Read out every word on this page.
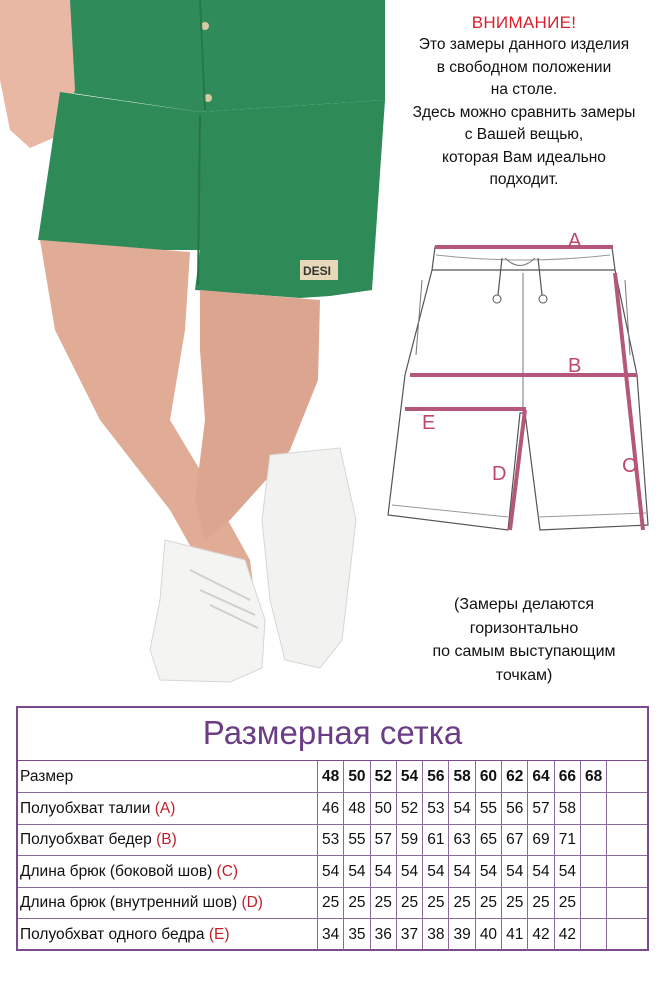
DESI
ВНИМАНИЕ!
Это замеры данного изделия
в свободном положении
на столе.
Здесь можно сравнить замеры
с Вашей вещью,
которая Вам идеально
подходит.
A
B
C
D
E
(Замеры делаются
горизонтально
по самым выступающим
точкам)
Размерная сетка
Размер	48 50 52 54 56 58 60 62 64 66 68
Полуобхват талии (A)	46 48 50 52 53 54 55 56 57 58
Полуобхват бедер (B)	53 55 57 59 61 63 65 67 69 71
Длина брюк (боковой шов) (C)	54 54 54 54 54 54 54 54 54 54
Длина брюк (внутренний шов) (D)	25 25 25 25 25 25 25 25 25 25
Полуобхват одного бедра (E)	34 35 36 37 38 39 40 41 42 42
